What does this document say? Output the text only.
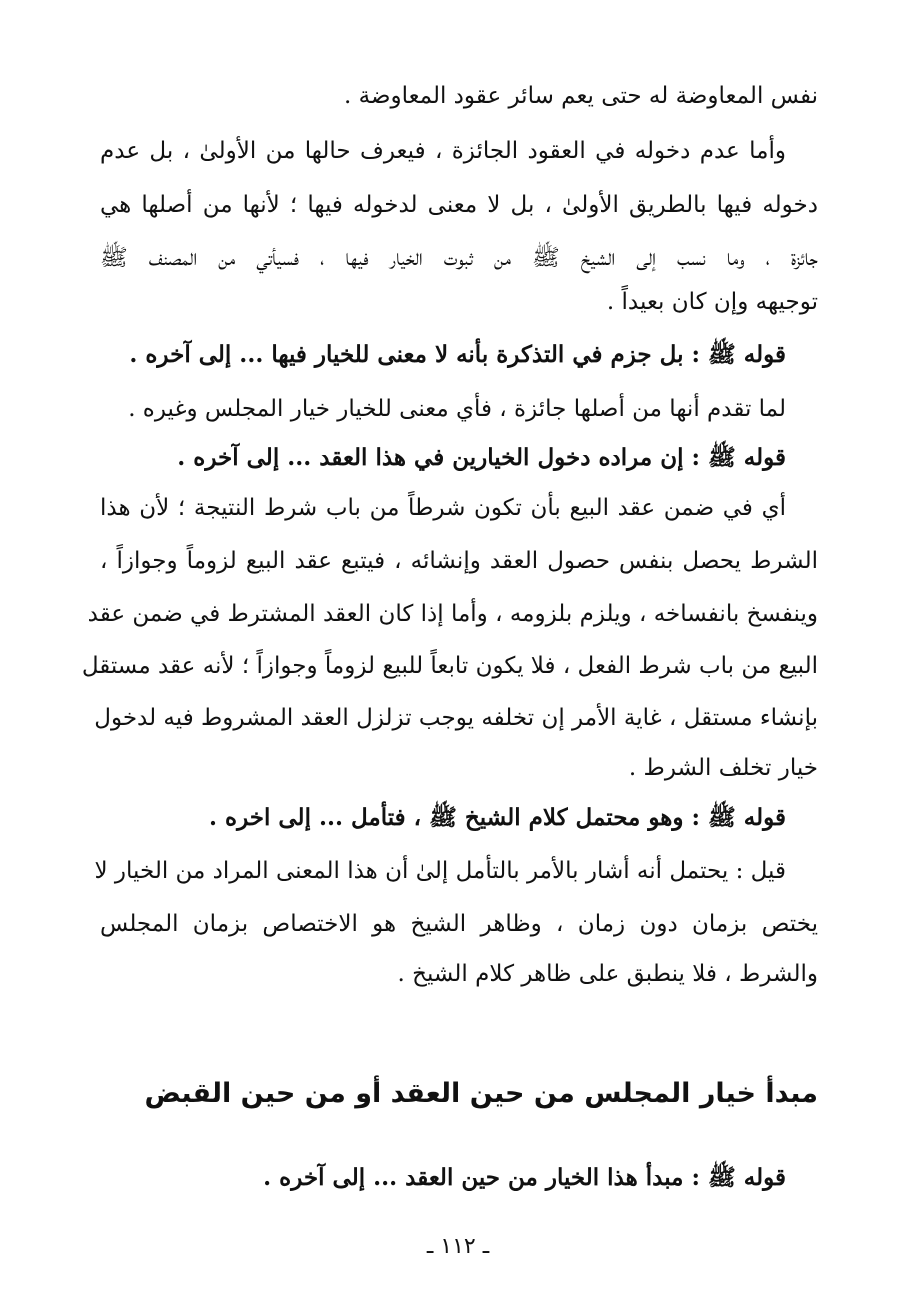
نفس المعاوضة له حتى يعم سائر عقود المعاوضة .
وأما عدم دخوله في العقود الجائزة ، فيعرف حالها من الأولىٰ ، بل عدم
دخوله فيها بالطريق الأولىٰ ، بل لا معنى لدخوله فيها ؛ لأنها من أصلها هي
جائزة ، وما نسب إلى الشيخ ﷺ من ثبوت الخيار فيها ، فسيأتي من المصنف ﷺ
توجيهه وإن كان بعيداً .
قوله ﷺ : بل جزم في التذكرة بأنه لا معنى للخيار فيها ... إلى آخره .
لما تقدم أنها من أصلها جائزة ، فأي معنى للخيار خيار المجلس وغيره .
قوله ﷺ : إن مراده دخول الخيارين في هذا العقد ... إلى آخره .
أي في ضمن عقد البيع بأن تكون شرطاً من باب شرط النتيجة ؛ لأن هذا
الشرط يحصل بنفس حصول العقد وإنشائه ، فيتبع عقد البيع لزوماً وجوازاً ،
وينفسخ بانفساخه ، ويلزم بلزومه ، وأما إذا كان العقد المشترط في ضمن عقد
البيع من باب شرط الفعل ، فلا يكون تابعاً للبيع لزوماً وجوازاً ؛ لأنه عقد مستقل
بإنشاء مستقل ، غاية الأمر إن تخلفه يوجب تزلزل العقد المشروط فيه لدخول
خيار تخلف الشرط .
قوله ﷺ : وهو محتمل كلام الشيخ ﷺ ، فتأمل ... إلى اخره .
قيل : يحتمل أنه أشار بالأمر بالتأمل إلىٰ أن هذا المعنى المراد من الخيار لا
يختص بزمان دون زمان ، وظاهر الشيخ هو الاختصاص بزمان المجلس
والشرط ، فلا ينطبق على ظاهر كلام الشيخ .
مبدأ خيار المجلس من حين العقد أو من حين القبض
قوله ﷺ : مبدأ هذا الخيار من حين العقد ... إلى آخره .
ـ ١١٢ ـ
